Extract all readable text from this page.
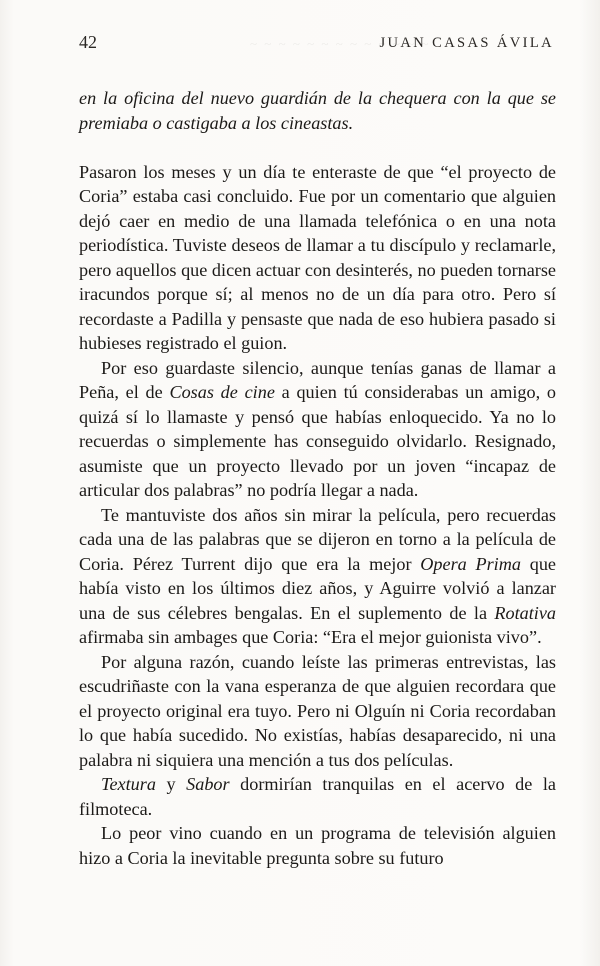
~ ~ ~ ~ ~ ~ ~ ~ ~ ~ ~ ~ ~
42	JUAN CASAS ÁVILA

en la oficina del nuevo guardián de la chequera con la que se premiaba o castigaba a los cineastas.

Pasaron los meses y un día te enteraste de que “el proyecto de Coria” estaba casi concluido. Fue por un comentario que alguien dejó caer en medio de una llamada telefónica o en una nota periodística. Tuviste deseos de llamar a tu discípulo y reclamarle, pero aquellos que dicen actuar con desinterés, no pueden tornarse iracundos porque sí; al menos no de un día para otro. Pero sí recordaste a Padilla y pensaste que nada de eso hubiera pasado si hubieses registrado el guion.

Por eso guardaste silencio, aunque tenías ganas de llamar a Peña, el de Cosas de cine a quien tú considerabas un amigo, o quizá sí lo llamaste y pensó que habías enloquecido. Ya no lo recuerdas o simplemente has conseguido olvidarlo. Resignado, asumiste que un proyecto llevado por un joven “incapaz de articular dos palabras” no podría llegar a nada.

Te mantuviste dos años sin mirar la película, pero recuerdas cada una de las palabras que se dijeron en torno a la película de Coria. Pérez Turrent dijo que era la mejor Opera Prima que había visto en los últimos diez años, y Aguirre volvió a lanzar una de sus célebres bengalas. En el suplemento de la Rotativa afirmaba sin ambages que Coria: “Era el mejor guionista vivo”.

Por alguna razón, cuando leíste las primeras entrevistas, las escudriñaste con la vana esperanza de que alguien recordara que el proyecto original era tuyo. Pero ni Olguín ni Coria recordaban lo que había sucedido. No existías, habías desaparecido, ni una palabra ni siquiera una mención a tus dos películas.

Textura y Sabor dormirían tranquilas en el acervo de la filmoteca.

Lo peor vino cuando en un programa de televisión alguien hizo a Coria la inevitable pregunta sobre su futuro
